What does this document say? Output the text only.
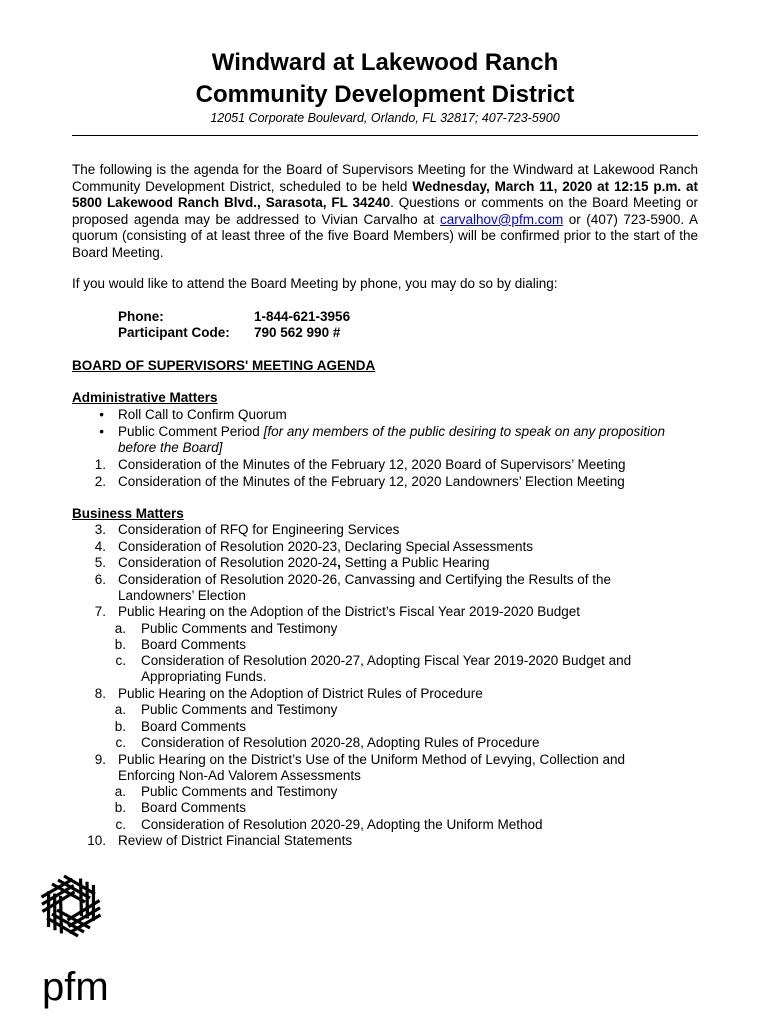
Windward at Lakewood Ranch
Community Development District
12051 Corporate Boulevard, Orlando, FL 32817; 407-723-5900
The following is the agenda for the Board of Supervisors Meeting for the Windward at Lakewood Ranch Community Development District, scheduled to be held Wednesday, March 11, 2020 at 12:15 p.m. at 5800 Lakewood Ranch Blvd., Sarasota, FL 34240. Questions or comments on the Board Meeting or proposed agenda may be addressed to Vivian Carvalho at carvalhov@pfm.com or (407) 723-5900. A quorum (consisting of at least three of the five Board Members) will be confirmed prior to the start of the Board Meeting.
If you would like to attend the Board Meeting by phone, you may do so by dialing:
Phone:	1-844-621-3956
Participant Code: 790 562 990 #
BOARD OF SUPERVISORS' MEETING AGENDA
Administrative Matters
• Roll Call to Confirm Quorum
• Public Comment Period [for any members of the public desiring to speak on any proposition before the Board]
1. Consideration of the Minutes of the February 12, 2020 Board of Supervisors’ Meeting
2. Consideration of the Minutes of the February 12, 2020 Landowners’ Election Meeting
Business Matters
3. Consideration of RFQ for Engineering Services
4. Consideration of Resolution 2020-23, Declaring Special Assessments
5. Consideration of Resolution 2020-24, Setting a Public Hearing
6. Consideration of Resolution 2020-26, Canvassing and Certifying the Results of the Landowners’ Election
7. Public Hearing on the Adoption of the District’s Fiscal Year 2019-2020 Budget
a. Public Comments and Testimony
b. Board Comments
c. Consideration of Resolution 2020-27, Adopting Fiscal Year 2019-2020 Budget and Appropriating Funds.
8. Public Hearing on the Adoption of District Rules of Procedure
a. Public Comments and Testimony
b. Board Comments
c. Consideration of Resolution 2020-28, Adopting Rules of Procedure
9. Public Hearing on the District’s Use of the Uniform Method of Levying, Collection and Enforcing Non-Ad Valorem Assessments
a. Public Comments and Testimony
b. Board Comments
c. Consideration of Resolution 2020-29, Adopting the Uniform Method
10. Review of District Financial Statements
pfm
